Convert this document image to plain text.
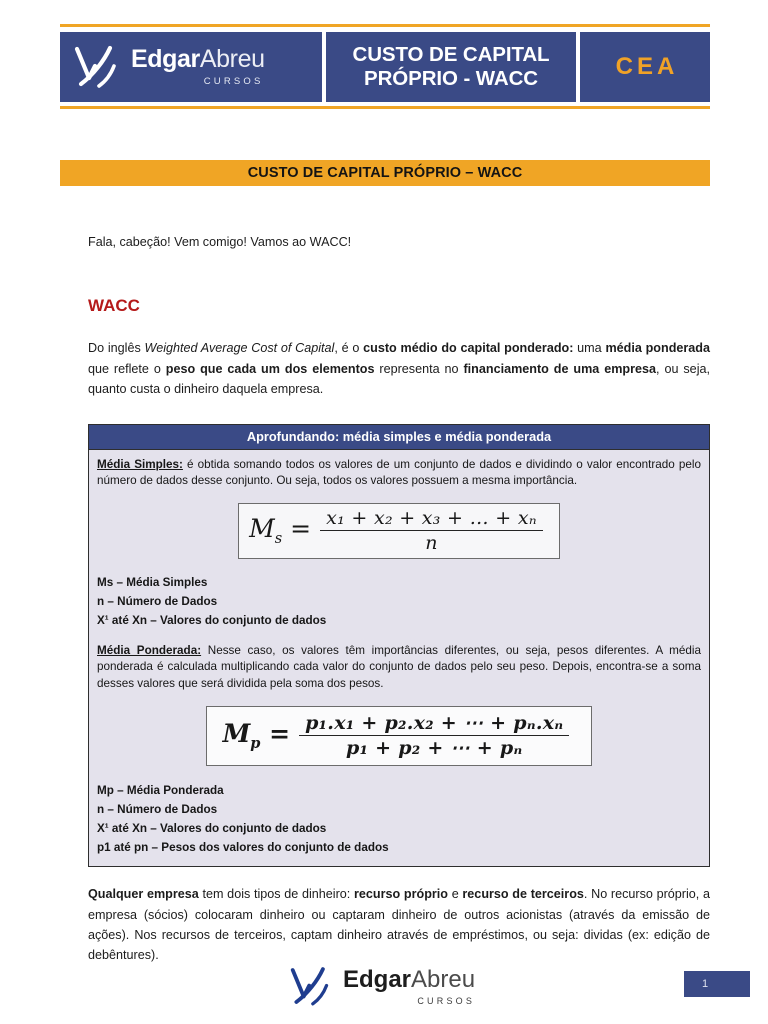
EdgarAbreu
CURSOS
CUSTO DE CAPITAL
PRÓPRIO - WACC	CEA
CUSTO DE CAPITAL PRÓPRIO – WACC

Fala, cabeção! Vem comigo! Vamos ao WACC!

WACC

Do inglês Weighted Average Cost of Capital, é o custo médio do capital ponderado: uma média ponderada que reflete o peso que cada um dos elementos representa no financiamento de uma empresa, ou seja, quanto custa o dinheiro daquela empresa.

Aprofundando: média simples e média ponderada

Média Simples: é obtida somando todos os valores de um conjunto de dados e dividindo o valor encontrado pelo número de dados desse conjunto. Ou seja, todos os valores possuem a mesma importância.

$M_s = \frac{\text{x₁ + x₂ + x₃ + … + xₙ}}{n}$
Ms – Média Simples
n – Número de Dados
X¹ até Xn – Valores do conjunto de dados

Média Ponderada: Nesse caso, os valores têm importâncias diferentes, ou seja, pesos diferentes. A média ponderada é calculada multiplicando cada valor do conjunto de dados pelo seu peso. Depois, encontra-se a soma desses valores que será dividida pela soma dos pesos.

$M_p = \frac{\text{p₁.x₁ + p₂.x₂ + ⋯ + pₙ.xₙ}}{\text{p₁ + p₂ + ⋯ + pₙ}}$
Mp – Média Ponderada
n – Número de Dados
X¹ até Xn – Valores do conjunto de dados
p1 até pn – Pesos dos valores do conjunto de dados

Qualquer empresa tem dois tipos de dinheiro: recurso próprio e recurso de terceiros. No recurso próprio, a empresa (sócios) colocaram dinheiro ou captaram dinheiro de outros acionistas (através da emissão de ações). Nos recursos de terceiros, captam dinheiro através de empréstimos, ou seja: dividas (ex: edição de debêntures).

EdgarAbreu
CURSOS
1
